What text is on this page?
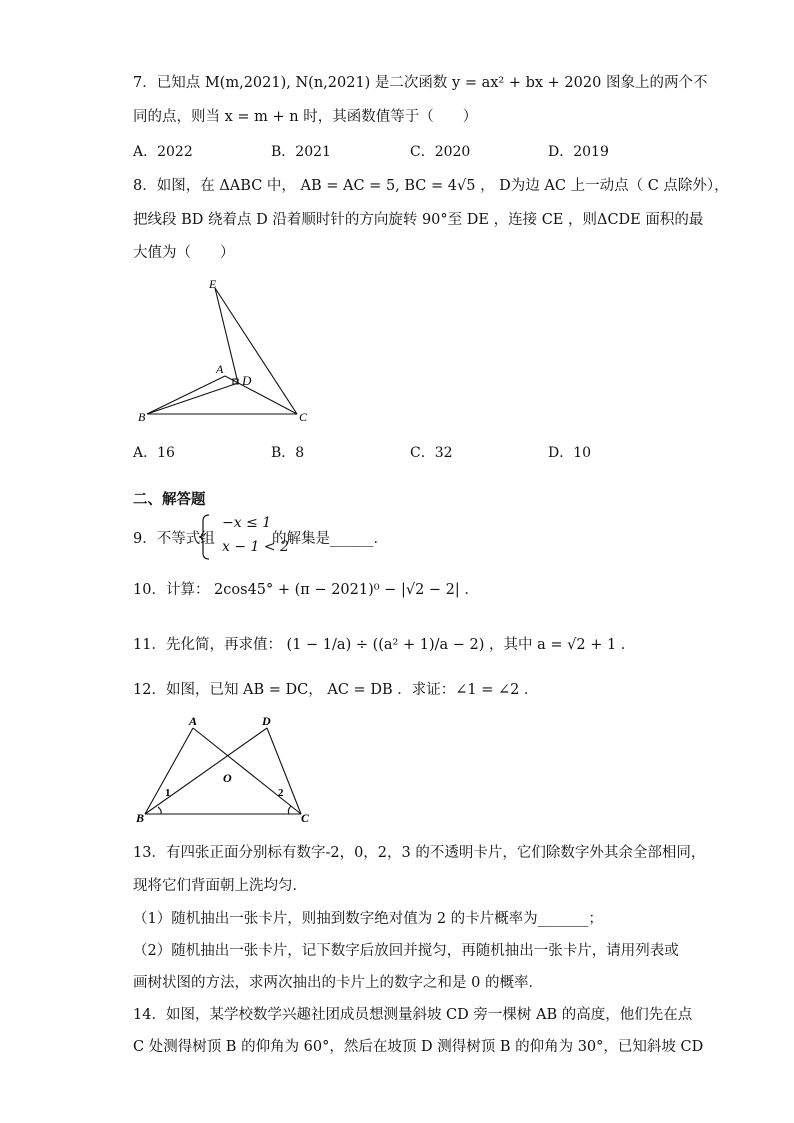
7．已知点 M(m,2021), N(n,2021) 是二次函数 y = ax² + bx + 2020 图象上的两个不
同的点，则当 x = m + n 时，其函数值等于（　　）
A．2022	B．2021	C．2020	D．2019
8．如图，在 ΔABC 中， AB = AC = 5, BC = 4√5 ， D为边 AC 上一动点（ C 点除外），
把线段 BD 绕着点 D 沿着顺时针的方向旋转 90°至 DE ，连接 CE ，则ΔCDE 面积的最
大值为（　　）
E
A
D
B	C
A．16	B．8	C．32	D．10
二、解答题
9．不等式组
−x ≤ 1
x − 1 < 2
的解集是______．
10．计算： 2cos45° + (π − 2021)⁰ − |√2 − 2| ．
11．先化简，再求值： (1 − 1/a) ÷ ((a² + 1)/a − 2) ，其中 a = √2 + 1 ．
12．如图，已知 AB = DC， AC = DB ．求证：∠1 = ∠2 ．
A	D
O
B	C
1	2
13．有四张正面分别标有数字-2，0，2，3 的不透明卡片，它们除数字外其余全部相同，
现将它们背面朝上洗均匀．
（1）随机抽出一张卡片，则抽到数字绝对值为 2 的卡片概率为_______；
（2）随机抽出一张卡片，记下数字后放回并搅匀，再随机抽出一张卡片，请用列表或
画树状图的方法，求两次抽出的卡片上的数字之和是 0 的概率．
14．如图，某学校数学兴趣社团成员想测量斜坡 CD 旁一棵树 AB 的高度，他们先在点
C 处测得树顶 B 的仰角为 60°，然后在坡顶 D 测得树顶 B 的仰角为 30°，已知斜坡 CD
